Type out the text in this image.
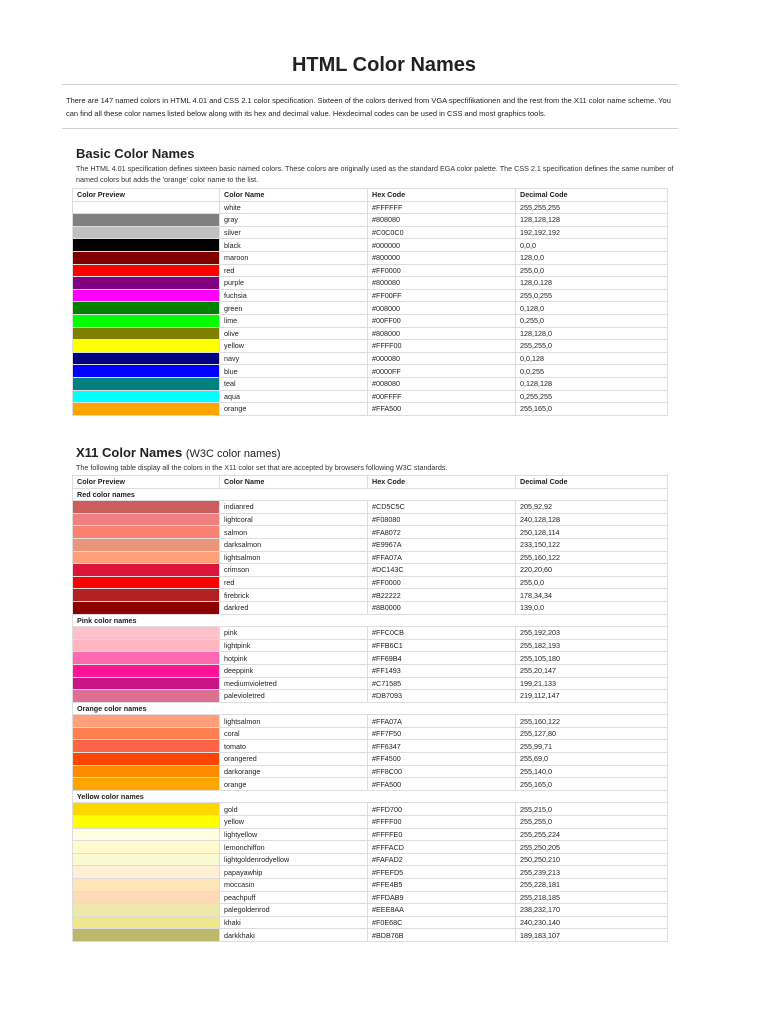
HTML Color Names

There are 147 named colors in HTML 4.01 and CSS 2.1 color specification. Sixteen of the colors derived from VGA specfifikationen and the rest from the X11 color name scheme. You can find all these color names listed below along with its hex and decimal value. Hexdecimal codes can be used in CSS and most graphics tools.

Basic Color Names

The HTML 4.01 specification defines sixteen basic named colors. These colors are originally used as the standard EGA color palette. The CSS 2.1 specification defines the same number of named colors but adds the 'orange' color name to the list.

Color Preview	Color Name	Hex Code	Decimal Code
	white	#FFFFFF	255,255,255
	gray	#808080	128,128,128
	silver	#C0C0C0	192,192,192
	black	#000000	0,0,0
	maroon	#800000	128,0,0
	red	#FF0000	255,0,0
	purple	#800080	128,0,128
	fuchsia	#FF00FF	255,0,255
	green	#008000	0,128,0
	lime	#00FF00	0,255,0
	olive	#808000	128,128,0
	yellow	#FFFF00	255,255,0
	navy	#000080	0,0,128
	blue	#0000FF	0,0,255
	teal	#008080	0,128,128
	aqua	#00FFFF	0,255,255
	orange	#FFA500	255,165,0
X11 Color Names (W3C color names)

The following table display all the colors in the X11 color set that are accepted by browsers following W3C standards.

Color Preview	Color Name	Hex Code	Decimal Code
Red color names			
	indianred	#CD5C5C	205,92,92
	lightcoral	#F08080	240,128,128
	salmon	#FA8072	250,128,114
	darksalmon	#E9967A	233,150,122
	lightsalmon	#FFA07A	255,160,122
	crimson	#DC143C	220,20,60
	red	#FF0000	255,0,0
	firebrick	#B22222	178,34,34
	darkred	#8B0000	139,0,0
Pink color names			
	pink	#FFC0CB	255,192,203
	lightpink	#FFB6C1	255,182,193
	hotpink	#FF69B4	255,105,180
	deeppink	#FF1493	255,20,147
	mediumvioletred	#C71585	199,21,133
	palevioletred	#DB7093	219,112,147
Orange color names			
	lightsalmon	#FFA07A	255,160,122
	coral	#FF7F50	255,127,80
	tomato	#FF6347	255,99,71
	orangered	#FF4500	255,69,0
	darkorange	#FF8C00	255,140,0
	orange	#FFA500	255,165,0
Yellow color names			
	gold	#FFD700	255,215,0
	yellow	#FFFF00	255,255,0
	lightyellow	#FFFFE0	255,255,224
	lemonchiffon	#FFFACD	255,250,205
	lightgoldenrodyellow	#FAFAD2	250,250,210
	papayawhip	#FFEFD5	255,239,213
	moccasin	#FFE4B5	255,228,181
	peachpuff	#FFDAB9	255,218,185
	palegoldenrod	#EEE8AA	238,232,170
	khaki	#F0E68C	240,230,140
	darkkhaki	#BDB76B	189,183,107
